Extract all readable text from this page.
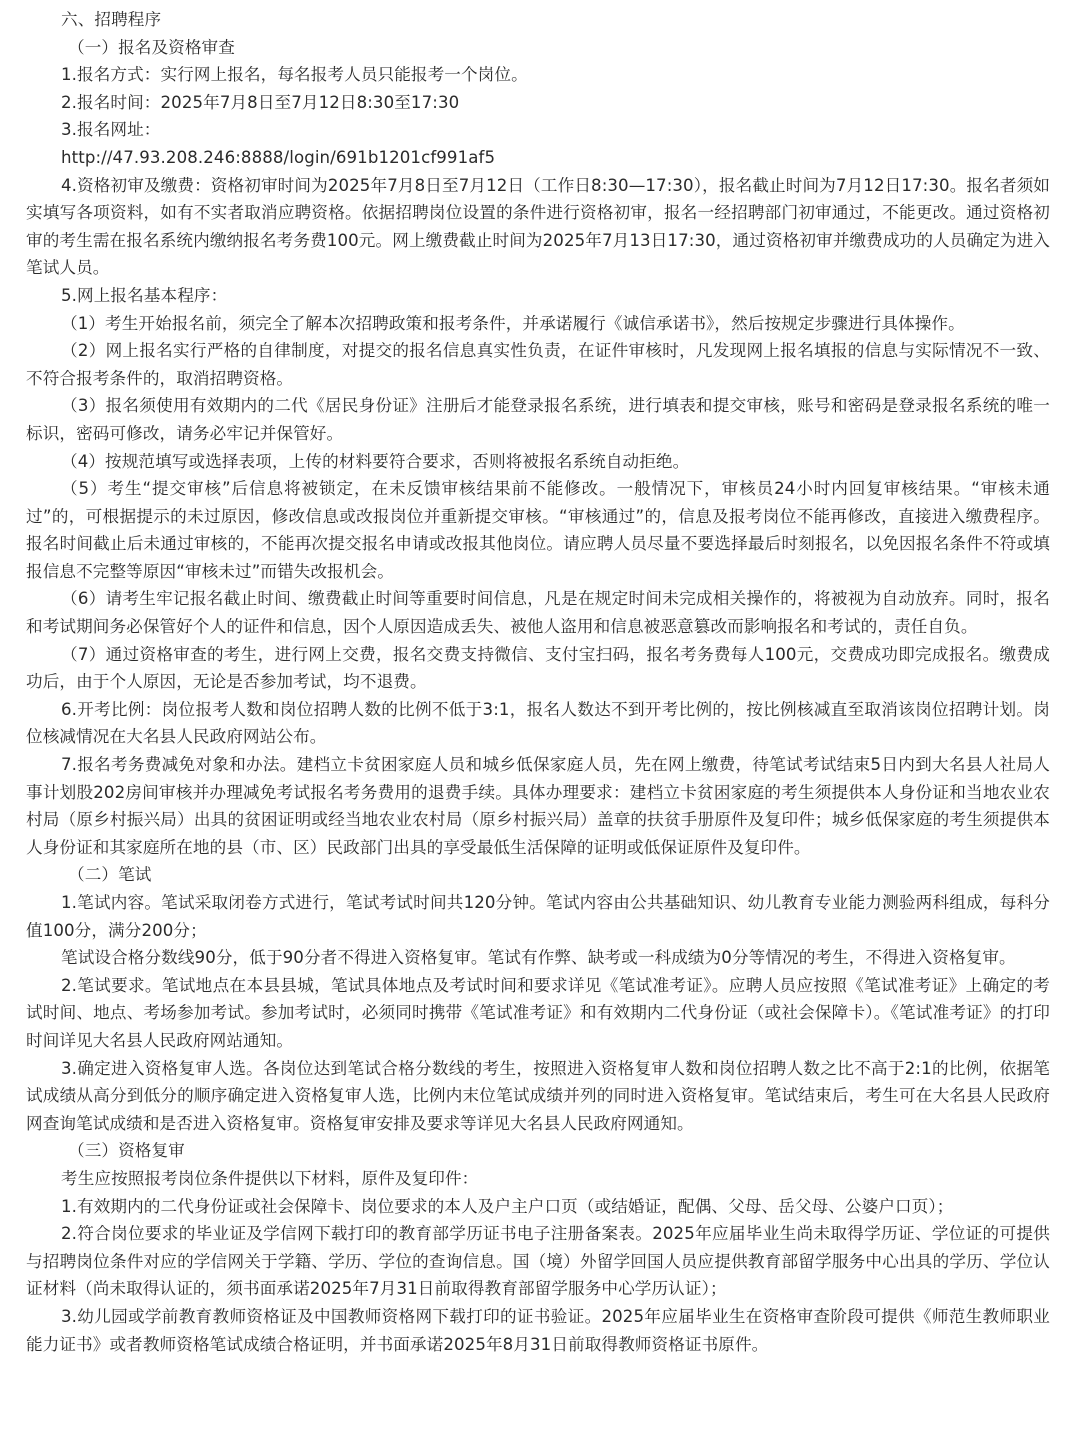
六、招聘程序

（一）报名及资格审查

1.报名方式：实行网上报名，每名报考人员只能报考一个岗位。

2.报名时间：2025年7月8日至7月12日8:30至17:30

3.报名网址：

http://47.93.208.246:8888/login/691b1201cf991af5

4.资格初审及缴费：资格初审时间为2025年7月8日至7月12日（工作日8:30—17:30），报名截止时间为7月12日17:30。报名者须如实填写各项资料，如有不实者取消应聘资格。依据招聘岗位设置的条件进行资格初审，报名一经招聘部门初审通过，不能更改。通过资格初审的考生需在报名系统内缴纳报名考务费100元。网上缴费截止时间为2025年7月13日17:30，通过资格初审并缴费成功的人员确定为进入笔试人员。

5.网上报名基本程序：

（1）考生开始报名前，须完全了解本次招聘政策和报考条件，并承诺履行《诚信承诺书》，然后按规定步骤进行具体操作。

（2）网上报名实行严格的自律制度，对提交的报名信息真实性负责，在证件审核时，凡发现网上报名填报的信息与实际情况不一致、不符合报考条件的，取消招聘资格。

（3）报名须使用有效期内的二代《居民身份证》注册后才能登录报名系统，进行填表和提交审核，账号和密码是登录报名系统的唯一标识，密码可修改，请务必牢记并保管好。

（4）按规范填写或选择表项，上传的材料要符合要求，否则将被报名系统自动拒绝。

（5）考生“提交审核”后信息将被锁定，在未反馈审核结果前不能修改。一般情况下，审核员24小时内回复审核结果。“审核未通过”的，可根据提示的未过原因，修改信息或改报岗位并重新提交审核。“审核通过”的，信息及报考岗位不能再修改，直接进入缴费程序。报名时间截止后未通过审核的，不能再次提交报名申请或改报其他岗位。请应聘人员尽量不要选择最后时刻报名，以免因报名条件不符或填报信息不完整等原因“审核未过”而错失改报机会。

（6）请考生牢记报名截止时间、缴费截止时间等重要时间信息，凡是在规定时间未完成相关操作的，将被视为自动放弃。同时，报名和考试期间务必保管好个人的证件和信息，因个人原因造成丢失、被他人盗用和信息被恶意篡改而影响报名和考试的，责任自负。

（7）通过资格审查的考生，进行网上交费，报名交费支持微信、支付宝扫码，报名考务费每人100元，交费成功即完成报名。缴费成功后，由于个人原因，无论是否参加考试，均不退费。

6.开考比例：岗位报考人数和岗位招聘人数的比例不低于3:1，报名人数达不到开考比例的，按比例核减直至取消该岗位招聘计划。岗位核减情况在大名县人民政府网站公布。

7.报名考务费减免对象和办法。建档立卡贫困家庭人员和城乡低保家庭人员，先在网上缴费，待笔试考试结束5日内到大名县人社局人事计划股202房间审核并办理减免考试报名考务费用的退费手续。具体办理要求：建档立卡贫困家庭的考生须提供本人身份证和当地农业农村局（原乡村振兴局）出具的贫困证明或经当地农业农村局（原乡村振兴局）盖章的扶贫手册原件及复印件；城乡低保家庭的考生须提供本人身份证和其家庭所在地的县（市、区）民政部门出具的享受最低生活保障的证明或低保证原件及复印件。

（二）笔试

1.笔试内容。笔试采取闭卷方式进行，笔试考试时间共120分钟。笔试内容由公共基础知识、幼儿教育专业能力测验两科组成，每科分值100分，满分200分；

笔试设合格分数线90分，低于90分者不得进入资格复审。笔试有作弊、缺考或一科成绩为0分等情况的考生，不得进入资格复审。

2.笔试要求。笔试地点在本县县城，笔试具体地点及考试时间和要求详见《笔试准考证》。应聘人员应按照《笔试准考证》上确定的考试时间、地点、考场参加考试。参加考试时，必须同时携带《笔试准考证》和有效期内二代身份证（或社会保障卡）。《笔试准考证》的打印时间详见大名县人民政府网站通知。

3.确定进入资格复审人选。各岗位达到笔试合格分数线的考生，按照进入资格复审人数和岗位招聘人数之比不高于2:1的比例，依据笔试成绩从高分到低分的顺序确定进入资格复审人选，比例内末位笔试成绩并列的同时进入资格复审。笔试结束后，考生可在大名县人民政府网查询笔试成绩和是否进入资格复审。资格复审安排及要求等详见大名县人民政府网通知。

（三）资格复审

考生应按照报考岗位条件提供以下材料，原件及复印件：

1.有效期内的二代身份证或社会保障卡、岗位要求的本人及户主户口页（或结婚证，配偶、父母、岳父母、公婆户口页）；

2.符合岗位要求的毕业证及学信网下载打印的教育部学历证书电子注册备案表。2025年应届毕业生尚未取得学历证、学位证的可提供与招聘岗位条件对应的学信网关于学籍、学历、学位的查询信息。国（境）外留学回国人员应提供教育部留学服务中心出具的学历、学位认证材料（尚未取得认证的，须书面承诺2025年7月31日前取得教育部留学服务中心学历认证）；

3.幼儿园或学前教育教师资格证及中国教师资格网下载打印的证书验证。2025年应届毕业生在资格审查阶段可提供《师范生教师职业能力证书》或者教师资格笔试成绩合格证明，并书面承诺2025年8月31日前取得教师资格证书原件。
